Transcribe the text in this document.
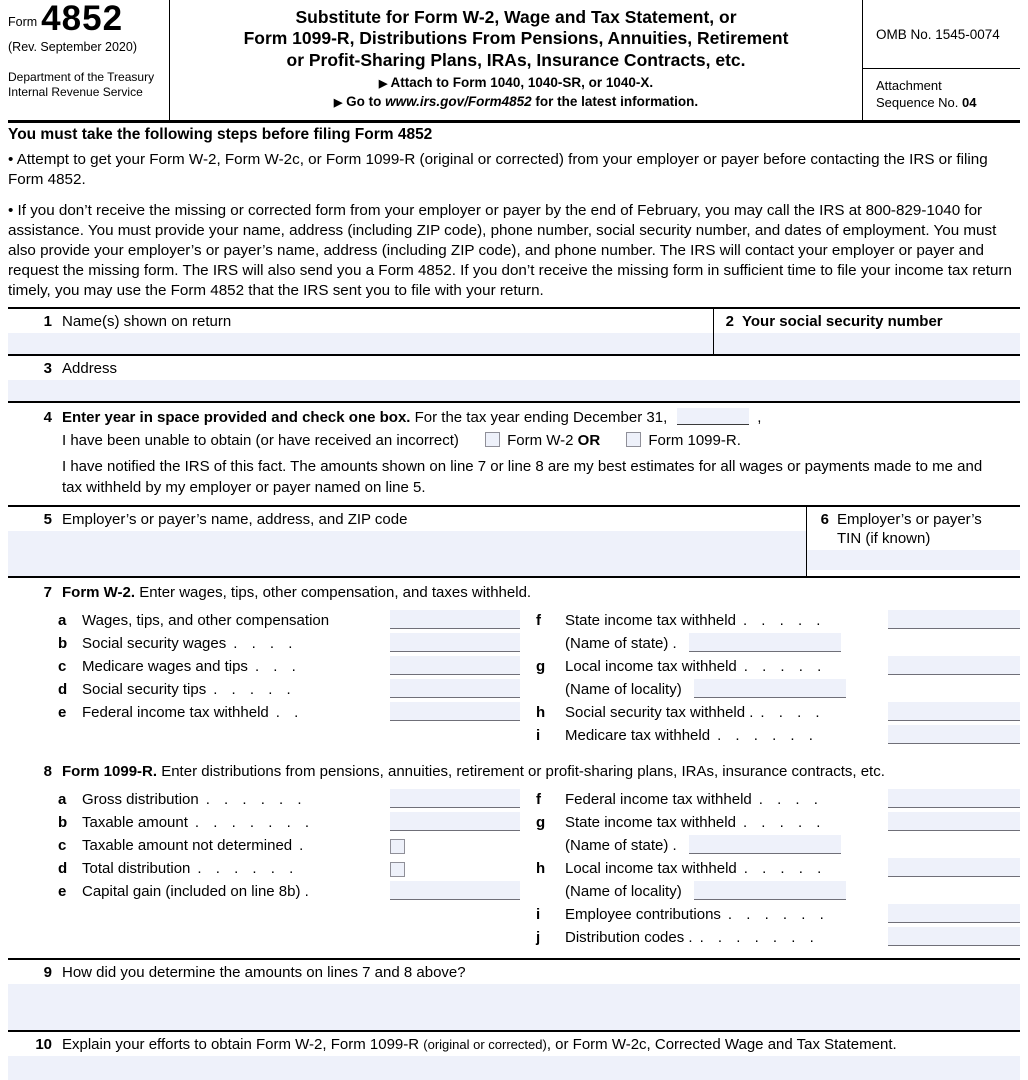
Form 4852
(Rev. September 2020)
Department of the Treasury
Internal Revenue Service
Substitute for Form W-2, Wage and Tax Statement, or
Form 1099-R, Distributions From Pensions, Annuities, Retirement
or Profit-Sharing Plans, IRAs, Insurance Contracts, etc.
▶ Attach to Form 1040, 1040-SR, or 1040-X.
▶ Go to www.irs.gov/Form4852 for the latest information.
OMB No. 1545-0074
Attachment
Sequence No. 04
You must take the following steps before filing Form 4852

• Attempt to get your Form W-2, Form W-2c, or Form 1099-R (original or corrected) from your employer or payer before contacting the IRS or filing Form 4852.

• If you don’t receive the missing or corrected form from your employer or payer by the end of February, you may call the IRS at 800-829-1040 for assistance. You must provide your name, address (including ZIP code), phone number, social security number, and dates of employment. You must also provide your employer’s or payer’s name, address (including ZIP code), and phone number. The IRS will contact your employer or payer and request the missing form. The IRS will also send you a Form 4852. If you don’t receive the missing form in sufficient time to file your income tax return timely, you may use the Form 4852 that the IRS sent you to file with your return.

1 Name(s) shown on return	2 Your social security number
3 Address
4 Enter year in space provided and check one box. For the tax year ending December 31,	,
I have been unable to obtain (or have received an incorrect)	Form W-2 OR	Form 1099-R.
I have notified the IRS of this fact. The amounts shown on line 7 or line 8 are my best estimates for all wages or payments made to me and tax withheld by my employer or payer named on line 5.
5 Employer’s or payer’s name, address, and ZIP code	6 Employer’s or payer’s
TIN (if known)
7 Form W-2. Enter wages, tips, other compensation, and taxes withheld.
a	Wages, tips, and other compensation
b Social security wages . . . .
c	Medicare wages and tips . . .
d Social security tips . . . . .
e	Federal income tax withheld . .
f	State income tax withheld . . . . .
(Name of state) .
g	Local income tax withheld . . . . .
(Name of locality)
h	Social security tax withheld . . . . .
i	Medicare tax withheld . . . . . .
8 Form 1099-R. Enter distributions from pensions, annuities, retirement or profit-sharing plans, IRAs, insurance contracts, etc.
a	Gross distribution . . . . . .
b Taxable amount . . . . . . .
c	Taxable amount not determined .
d Total distribution . . . . . .
e	Capital gain (included on line 8b) .
f	Federal income tax withheld . . . .
g	State income tax withheld . . . . .
(Name of state) .
h	Local income tax withheld . . . . .
(Name of locality)
i	Employee contributions . . . . . .
j	Distribution codes . . . . . . . .
9 How did you determine the amounts on lines 7 and 8 above?
10 Explain your efforts to obtain Form W-2, Form 1099-R (original or corrected), or Form W-2c, Corrected Wage and Tax Statement.
